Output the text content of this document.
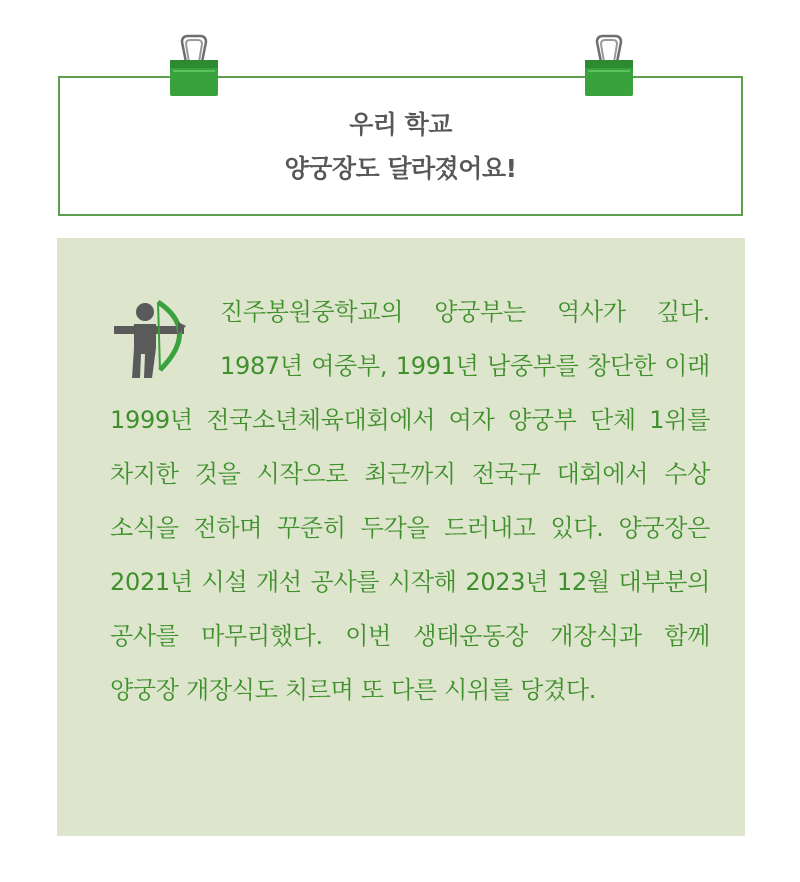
우리 학교
양궁장도 달라졌어요!

진주봉원중학교의 양궁부는 역사가 깊다. 1987년 여중부, 1991년 남중부를 창단한 이래 1999년 전국소년체육대회에서 여자 양궁부 단체 1위를 차지한 것을 시작으로 최근까지 전국구 대회에서 수상 소식을 전하며 꾸준히 두각을 드러내고 있다. 양궁장은 2021년 시설 개선 공사를 시작해 2023년 12월 대부분의 공사를 마무리했다. 이번 생태운동장 개장식과 함께 양궁장 개장식도 치르며 또 다른 시위를 당겼다.
